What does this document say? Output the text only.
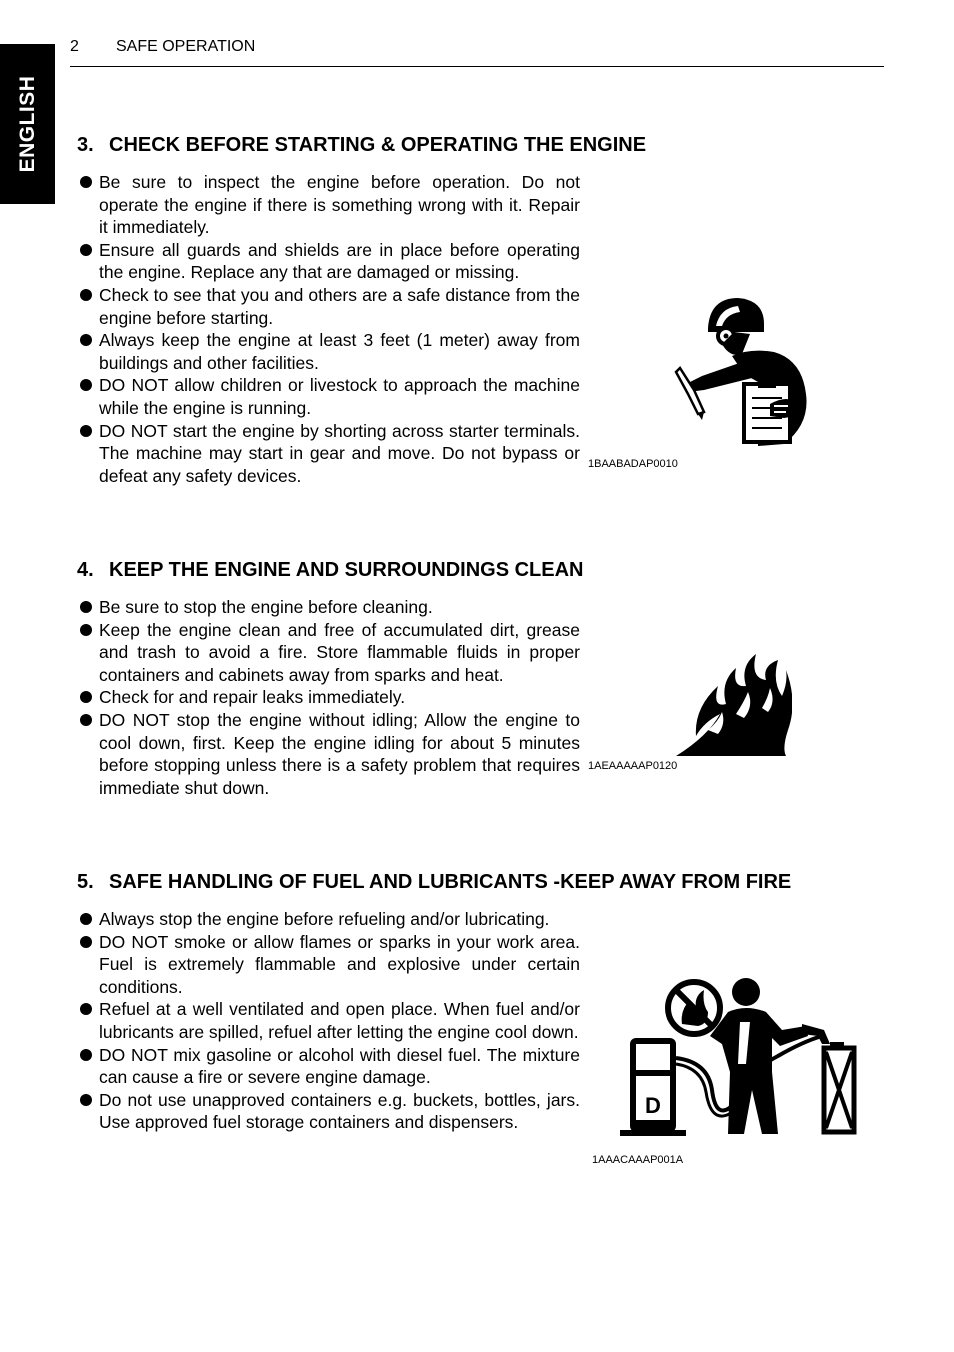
ENGLISH
2 SAFE OPERATION
3. CHECK BEFORE STARTING & OPERATING THE ENGINE
Be sure to inspect the engine before operation. Do not operate the engine if there is something wrong with it. Repair it immediately.
Ensure all guards and shields are in place before operating the engine. Replace any that are damaged or missing.
Check to see that you and others are a safe distance from the engine before starting.
Always keep the engine at least 3 feet (1 meter) away from buildings and other facilities.
DO NOT allow children or livestock to approach the machine while the engine is running.
DO NOT start the engine by shorting across starter terminals. The machine may start in gear and move. Do not bypass or defeat any safety devices.
1BAABADAP0010
4. KEEP THE ENGINE AND SURROUNDINGS CLEAN
Be sure to stop the engine before cleaning.
Keep the engine clean and free of accumulated dirt, grease and trash to avoid a fire. Store flammable fluids in proper containers and cabinets away from sparks and heat.
Check for and repair leaks immediately.
DO NOT stop the engine without idling; Allow the engine to cool down, first. Keep the engine idling for about 5 minutes before stopping unless there is a safety problem that requires immediate shut down.
1AEAAAAAP0120
5. SAFE HANDLING OF FUEL AND LUBRICANTS -KEEP AWAY FROM FIRE
Always stop the engine before refueling and/or lubricating.
DO NOT smoke or allow flames or sparks in your work area. Fuel is extremely flammable and explosive under certain conditions.
Refuel at a well ventilated and open place. When fuel and/or lubricants are spilled, refuel after letting the engine cool down.
DO NOT mix gasoline or alcohol with diesel fuel. The mixture can cause a fire or severe engine damage.
Do not use unapproved containers e.g. buckets, bottles, jars. Use approved fuel storage containers and dispensers.
D
1AAACAAAP001A
